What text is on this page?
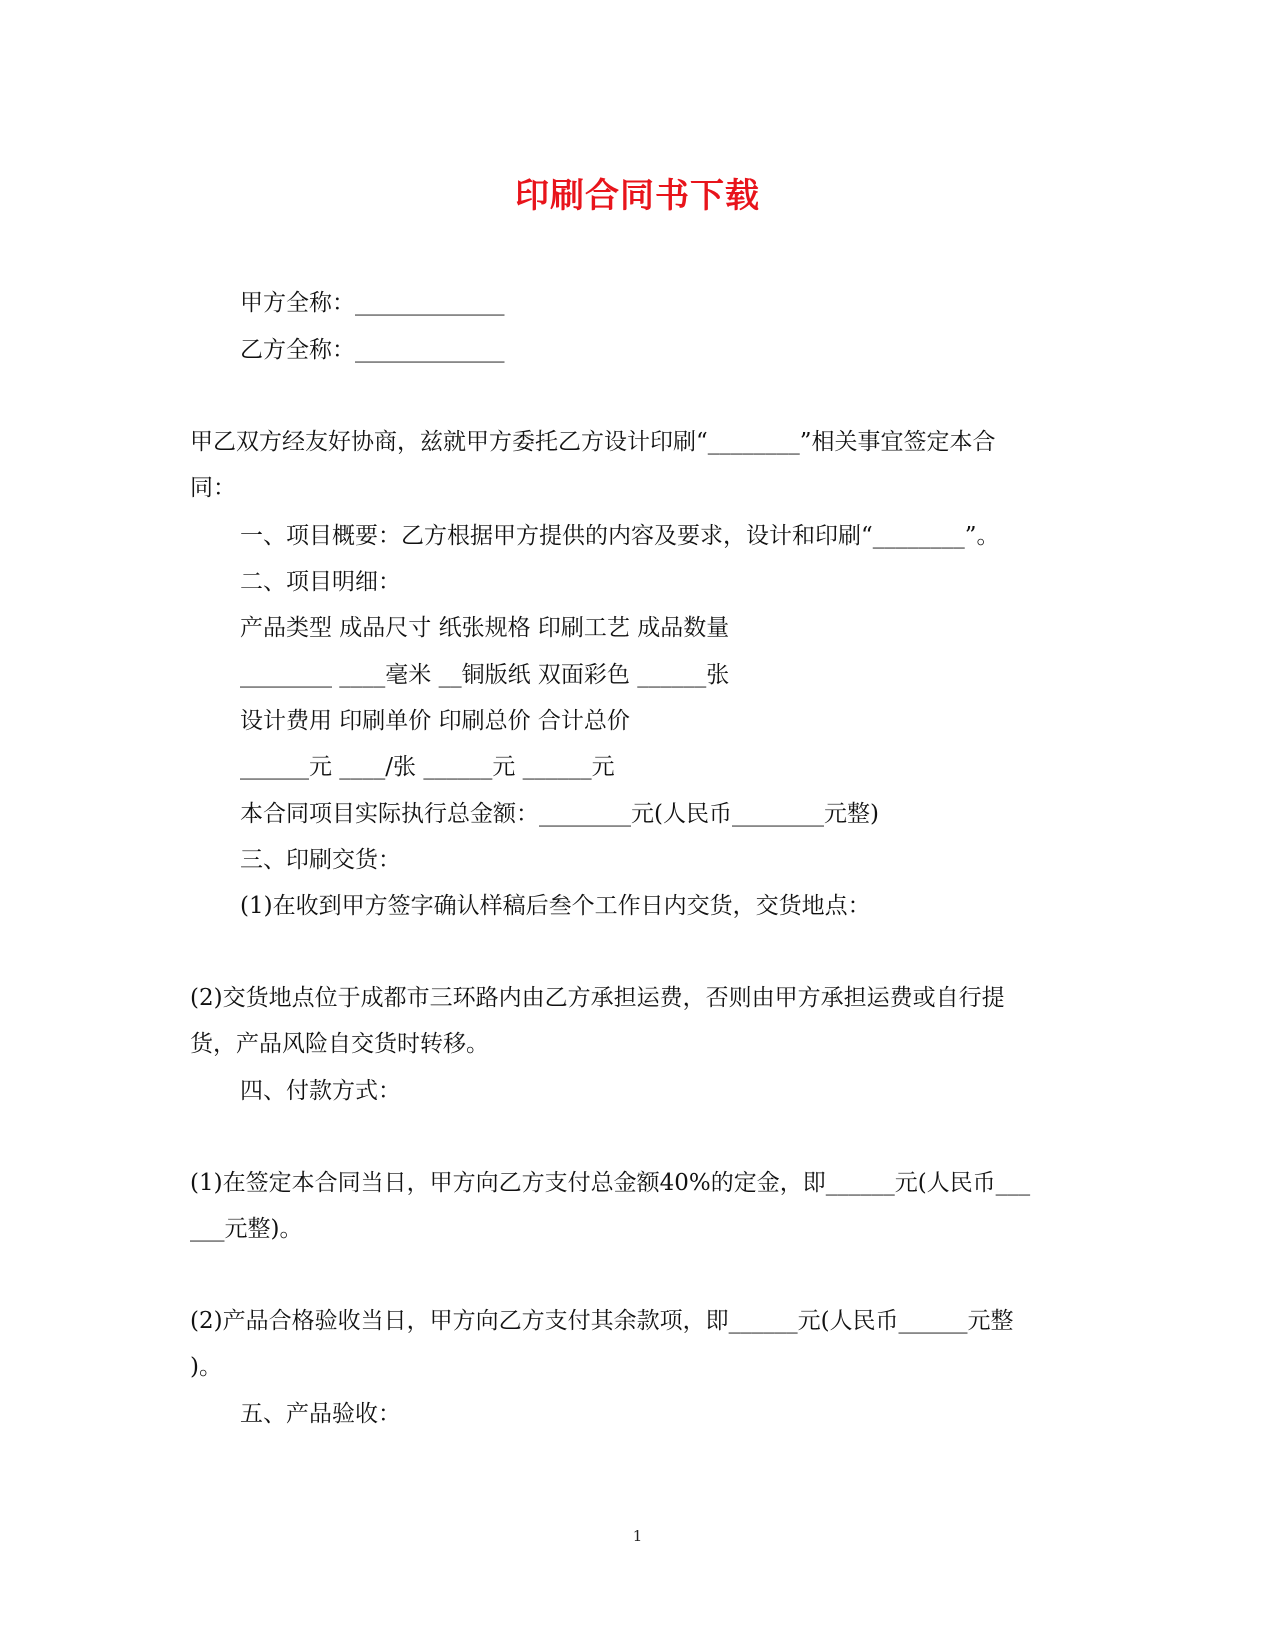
印刷合同书下载

甲方全称：_____________

乙方全称：_____________

甲乙双方经友好协商，兹就甲方委托乙方设计印刷“________”相关事宜签定本合

同：

一、项目概要：乙方根据甲方提供的内容及要求，设计和印刷“________”。

二、项目明细：

产品类型 成品尺寸 纸张规格 印刷工艺 成品数量

________ ____毫米 __铜版纸 双面彩色 ______张

设计费用 印刷单价 印刷总价 合计总价

______元 ____/张 ______元 ______元

本合同项目实际执行总金额：________元(人民币________元整)

三、印刷交货：

(1)在收到甲方签字确认样稿后叁个工作日内交货，交货地点：

(2)交货地点位于成都市三环路内由乙方承担运费，否则由甲方承担运费或自行提

货，产品风险自交货时转移。

四、付款方式：

(1)在签定本合同当日，甲方向乙方支付总金额40%的定金，即______元(人民币___

___元整)。

(2)产品合格验收当日，甲方向乙方支付其余款项，即______元(人民币______元整

)。

五、产品验收：

1
